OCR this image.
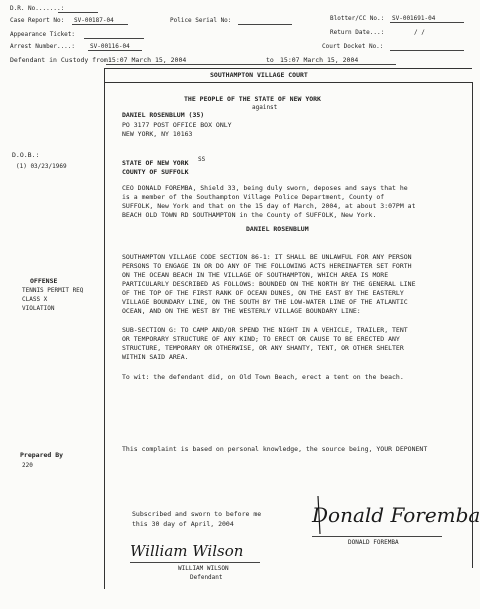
D.R. No.......:
Case Report No: SV-00187-04	Police Serial No:	Blotter/CC No.: SV-001691-04
Appearance Ticket:	Return Date...:	/ /
Arrest Number....: SV-00116-04	Court Docket No.:
Defendant in Custody from:
15:07 March 15, 2004	to 15:07 March 15, 2004
SOUTHAMPTON VILLAGE COURT
THE PEOPLE OF THE STATE OF NEW YORK
against
DANIEL ROSENBLUM (35)
PO 3177 POST OFFICE BOX ONLY
NEW YORK, NY 10163
D.O.B.:
(1) 03/23/1969	STATE OF NEW YORK SS
COUNTY OF SUFFOLK
CEO DONALD FOREMBA, Shield 33, being duly sworn, deposes and says that he
is a member of the Southampton Village Police Department, County of
SUFFOLK, New York and that on the 15 day of March, 2004, at about 3:07PM at
BEACH OLD TOWN RD SOUTHAMPTON in the County of SUFFOLK, New York.
DANIEL ROSENBLUM
OFFENSE
TENNIS PERMIT REQ
CLASS X
VIOLATION
SOUTHAMPTON VILLAGE CODE SECTION 86-1: IT SHALL BE UNLAWFUL FOR ANY PERSON
PERSONS TO ENGAGE IN OR DO ANY OF THE FOLLOWING ACTS HEREINAFTER SET FORTH
ON THE OCEAN BEACH IN THE VILLAGE OF SOUTHAMPTON, WHICH AREA IS MORE
PARTICULARLY DESCRIBED AS FOLLOWS: BOUNDED ON THE NORTH BY THE GENERAL LINE
OF THE TOP OF THE FIRST RANK OF OCEAN DUNES, ON THE EAST BY THE EASTERLY
VILLAGE BOUNDARY LINE, ON THE SOUTH BY THE LOW-WATER LINE OF THE ATLANTIC
OCEAN, AND ON THE WEST BY THE WESTERLY VILLAGE BOUNDARY LINE:
SUB-SECTION G: TO CAMP AND/OR SPEND THE NIGHT IN A VEHICLE, TRAILER, TENT
OR TEMPORARY STRUCTURE OF ANY KIND; TO ERECT OR CAUSE TO BE ERECTED ANY
STRUCTURE, TEMPORARY OR OTHERWISE, OR ANY SHANTY, TENT, OR OTHER SHELTER
WITHIN SAID AREA.
To wit: the defendant did, on Old Town Beach, erect a tent on the beach.
This complaint is based on personal knowledge, the source being, YOUR DEPONENT
Prepared By
220
Subscribed and sworn to before me
this 30 day of April, 2004	Donald Foremba
DONALD FOREMBA
William Wilson
WILLIAM WILSON
Defendant
